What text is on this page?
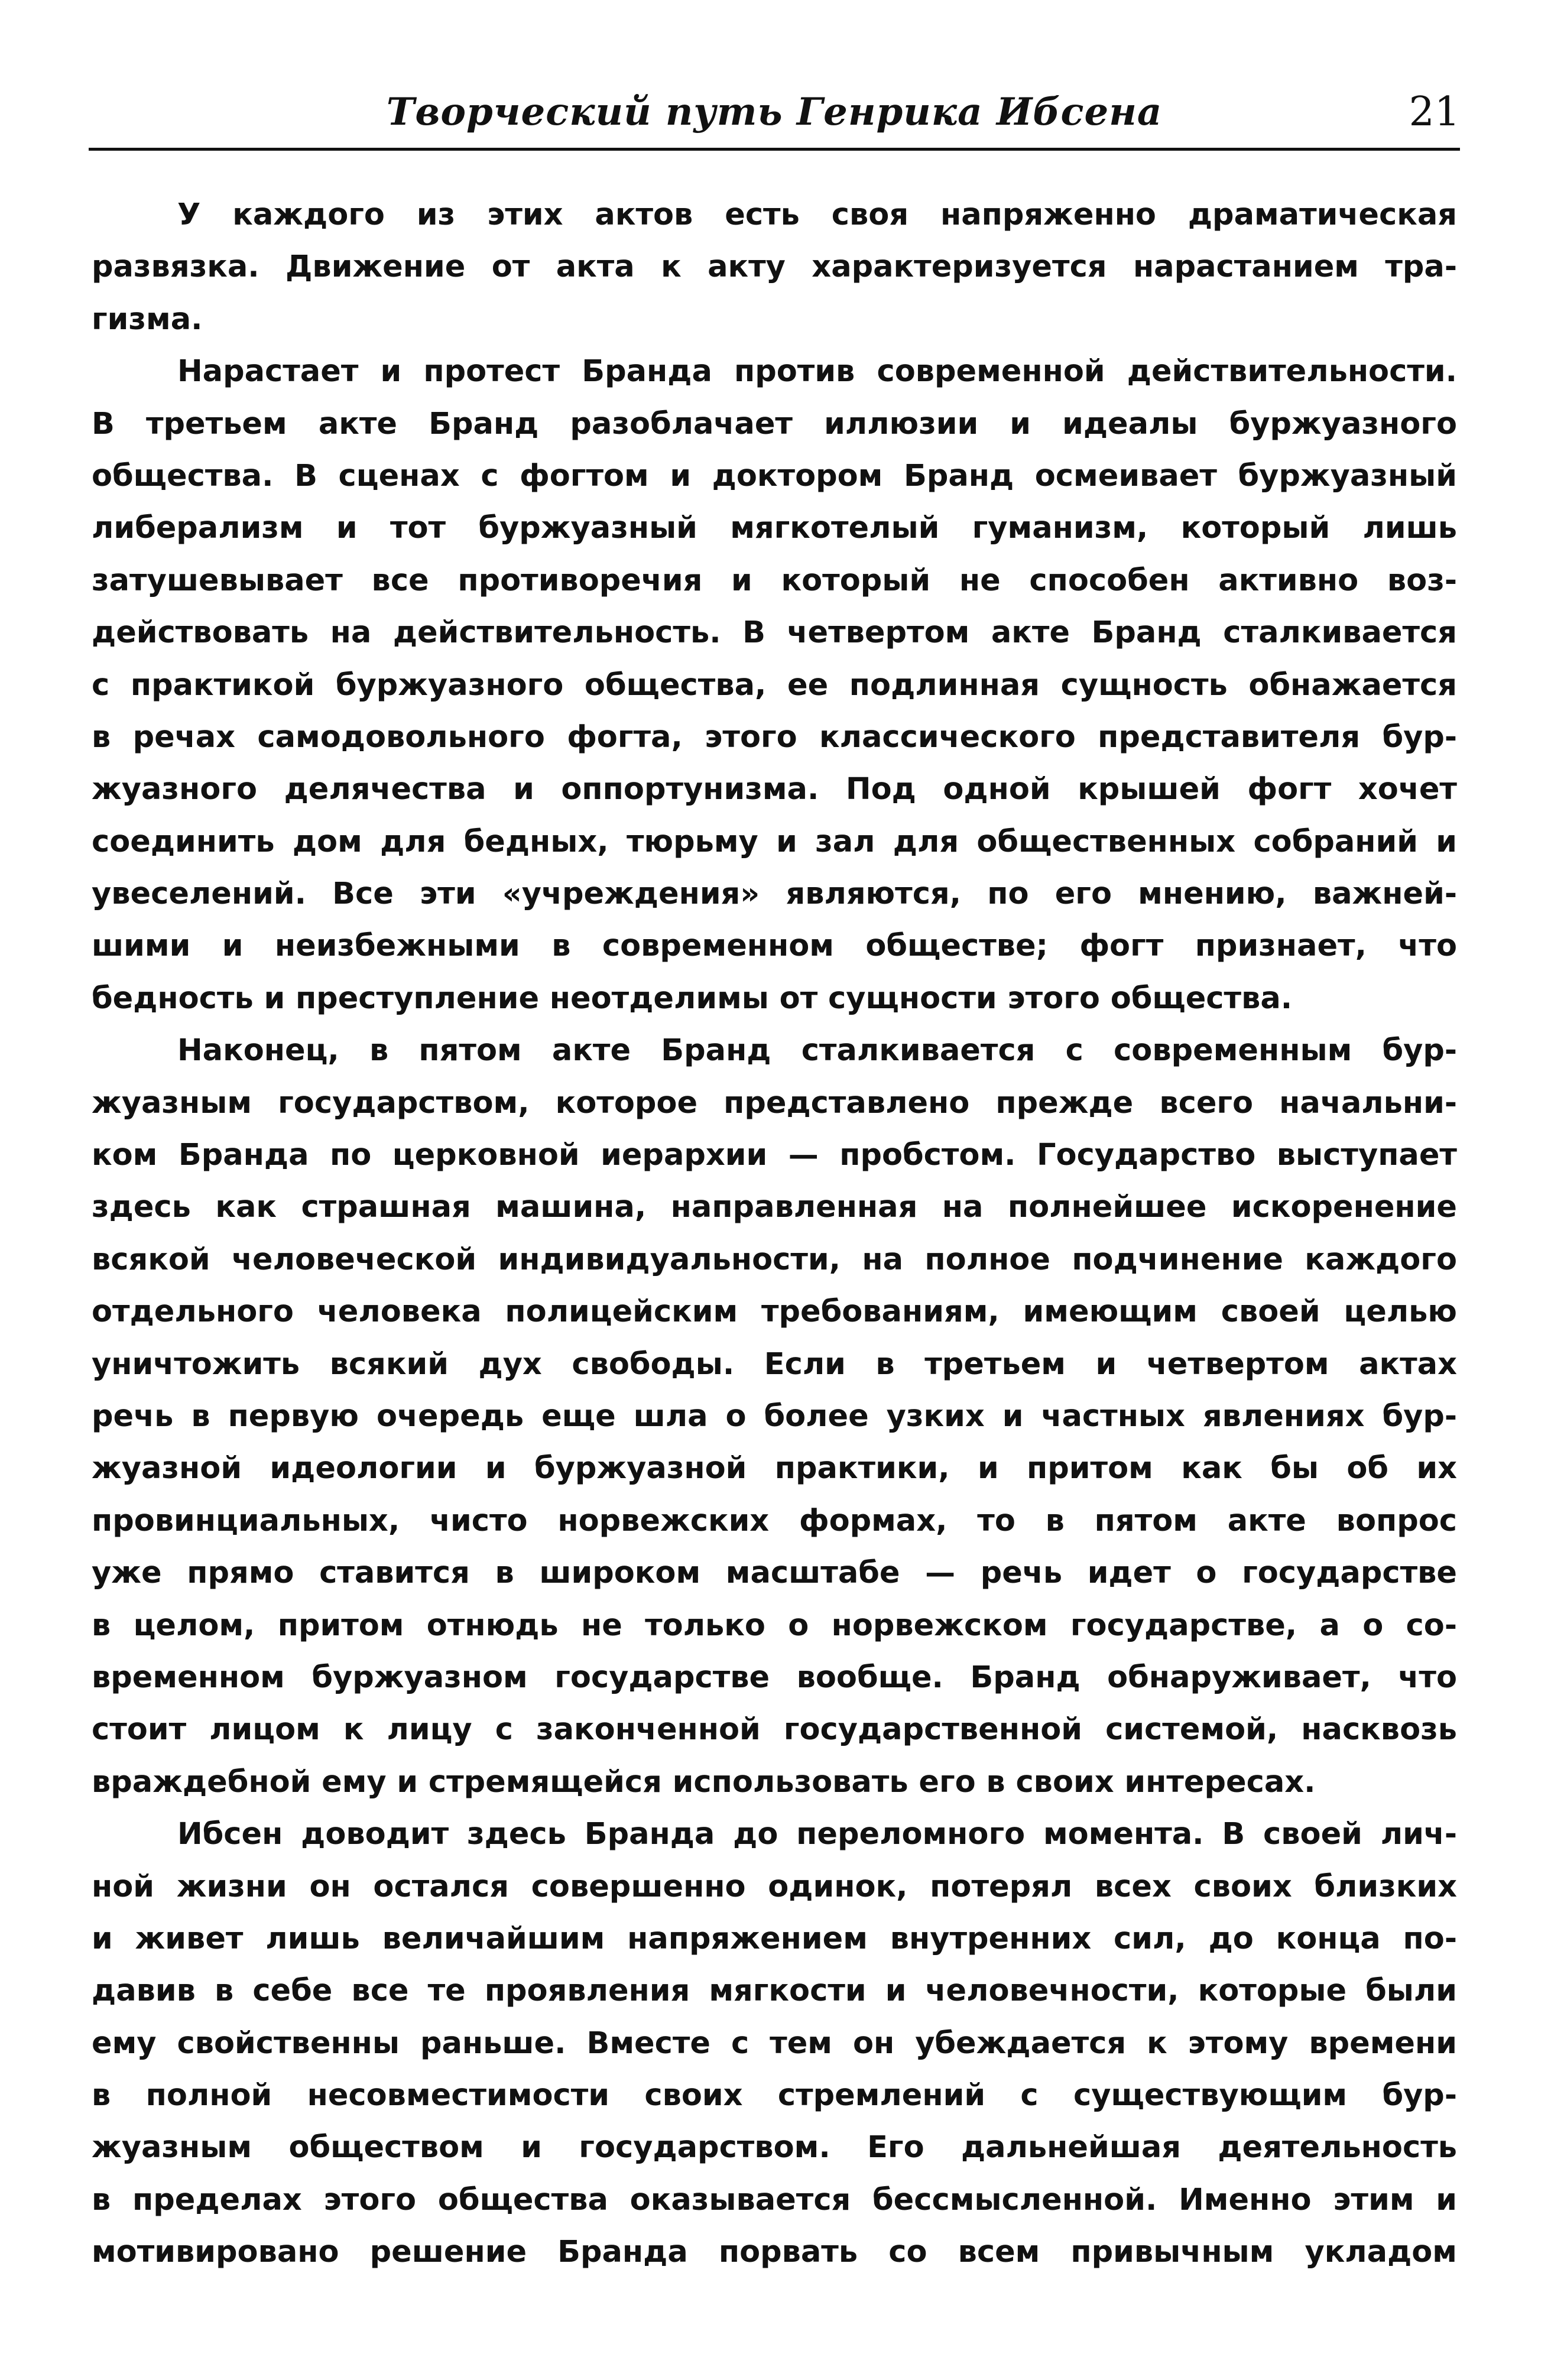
Творческий путь Генрика Ибсена	21
У каждого из этих актов есть своя напряженно драматическая
развязка. Движение от акта к акту характеризуется нарастанием тра-
гизма.
Нарастает и протест Бранда против современной действительности.
В третьем акте Бранд разоблачает иллюзии и идеалы буржуазного
общества. В сценах с фогтом и доктором Бранд осмеивает буржуазный
либерализм и тот буржуазный мягкотелый гуманизм, который лишь
затушевывает все противоречия и который не способен активно воз-
действовать на действительность. В четвертом акте Бранд сталкивается
с практикой буржуазного общества, ее подлинная сущность обнажается
в речах самодовольного фогта, этого классического представителя бур-
жуазного делячества и оппортунизма. Под одной крышей фогт хочет
соединить дом для бедных, тюрьму и зал для общественных собраний и
увеселений. Все эти «учреждения» являются, по его мнению, важней-
шими и неизбежными в современном обществе; фогт признает, что
бедность и преступление неотделимы от сущности этого общества.
Наконец, в пятом акте Бранд сталкивается с современным бур-
жуазным государством, которое представлено прежде всего начальни-
ком Бранда по церковной иерархии — пробстом. Государство выступает
здесь как страшная машина, направленная на полнейшее искоренение
всякой человеческой индивидуальности, на полное подчинение каждого
отдельного человека полицейским требованиям, имеющим своей целью
уничтожить всякий дух свободы. Если в третьем и четвертом актах
речь в первую очередь еще шла о более узких и частных явлениях бур-
жуазной идеологии и буржуазной практики, и притом как бы об их
провинциальных, чисто норвежских формах, то в пятом акте вопрос
уже прямо ставится в широком масштабе — речь идет о государстве
в целом, притом отнюдь не только о норвежском государстве, а о со-
временном буржуазном государстве вообще. Бранд обнаруживает, что
стоит лицом к лицу с законченной государственной системой, насквозь
враждебной ему и стремящейся использовать его в своих интересах.
Ибсен доводит здесь Бранда до переломного момента. В своей лич-
ной жизни он остался совершенно одинок, потерял всех своих близких
и живет лишь величайшим напряжением внутренних сил, до конца по-
давив в себе все те проявления мягкости и человечности, которые были
ему свойственны раньше. Вместе с тем он убеждается к этому времени
в полной несовместимости своих стремлений с существующим бур-
жуазным обществом и государством. Его дальнейшая деятельность
в пределах этого общества оказывается бессмысленной. Именно этим и
мотивировано решение Бранда порвать со всем привычным укладом
